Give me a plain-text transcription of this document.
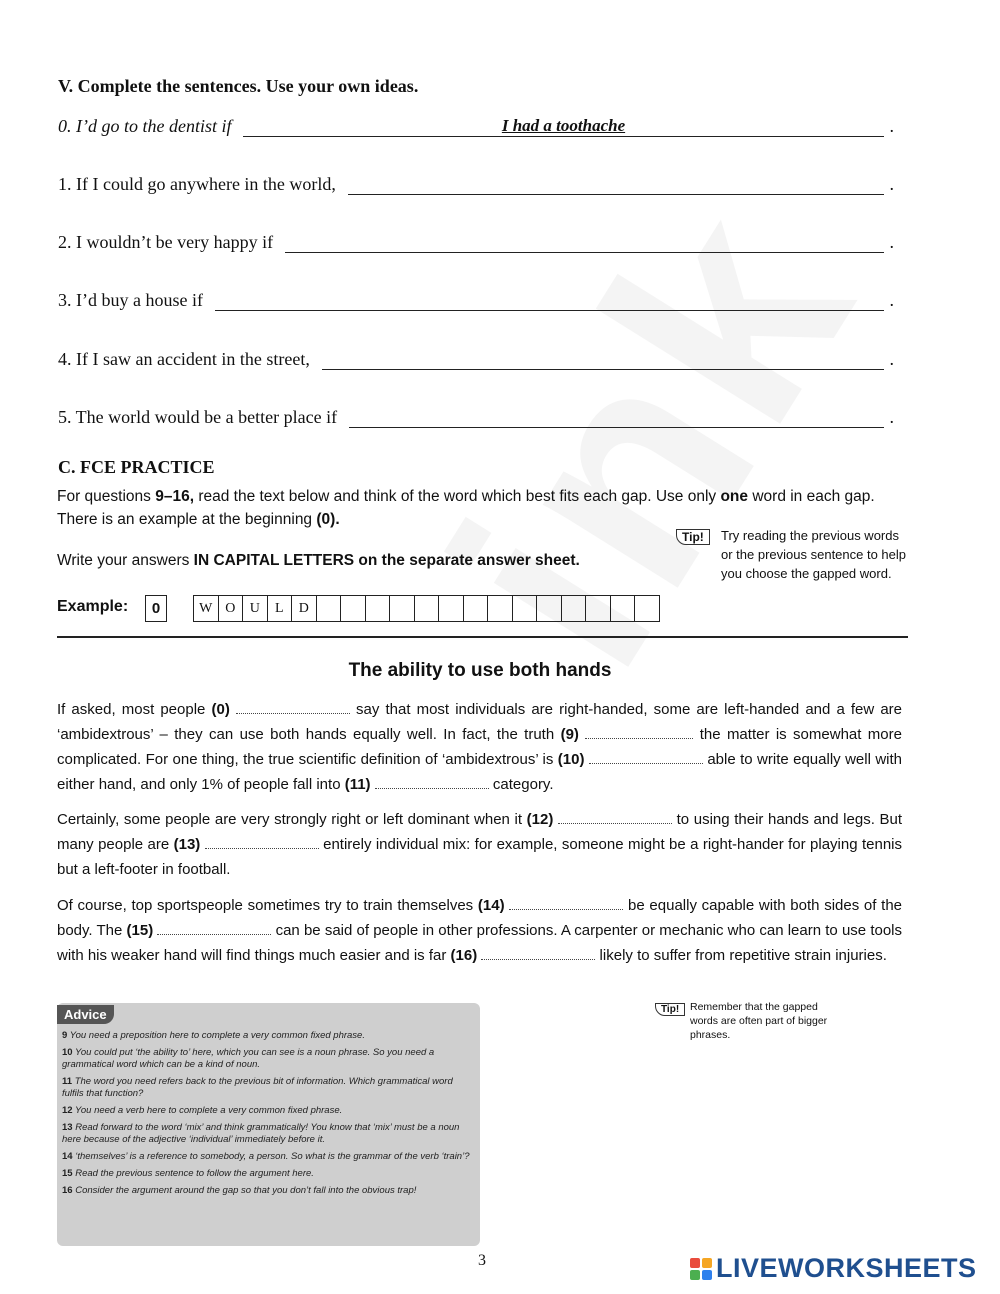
V. Complete the sentences. Use your own ideas.
0. I’d go to the dentist if	I had a toothache	.
1. If I could go anywhere in the world,	.
2. I wouldn’t be very happy if	.
3. I’d buy a house if	.
4. If I saw an accident in the street,	.
5. The world would be a better place if	.
C. FCE PRACTICE
For questions 9–16, read the text below and think of the word which best fits each gap. Use only one word in each gap. There is an example at the beginning (0).
Write your answers IN CAPITAL LETTERS on the separate answer sheet.
Tip!	Try reading the previous words or the previous sentence to help you choose the gapped word.
Example:	0	W O	U	L	D
The ability to use both hands
If asked, most people (0)	say that most individuals are right-handed, some are left-handed and a few are ‘ambidextrous’ – they can use both hands equally well. In fact, the truth (9)	the matter is somewhat more complicated. For one thing, the true scientific definition of ‘ambidextrous’ is (10)	able to write equally well with either hand, and only 1% of people fall into (11)	category.
Certainly, some people are very strongly right or left dominant when it (12)	to using their hands and legs. But many people are (13)	entirely individual mix: for example, someone might be a right-hander for playing tennis but a left-footer in football.
Of course, top sportspeople sometimes try to train themselves (14)	be equally capable with both sides of the body. The (15)	can be said of people in other professions. A carpenter or mechanic who can learn to use tools with his weaker hand will find things much easier and is far (16)	likely to suffer from repetitive strain injuries.
Advice
9 You need a preposition here to complete a very common fixed phrase.
10 You could put ‘the ability to’ here, which you can see is a noun phrase. So you need a grammatical word which can be a kind of noun.
11 The word you need refers back to the previous bit of information. Which grammatical word fulfils that function?
12 You need a verb here to complete a very common fixed phrase.
13 Read forward to the word ‘mix’ and think grammatically! You know that ‘mix’ must be a noun here because of the adjective ‘individual’ immediately before it.
14 ‘themselves’ is a reference to somebody, a person. So what is the grammar of the verb ‘train’?
15 Read the previous sentence to follow the argument here.
16 Consider the argument around the gap so that you don’t fall into the obvious trap!
Tip!	Remember that the gapped words are often part of bigger phrases.
3	LIVEWORKSHEETS
